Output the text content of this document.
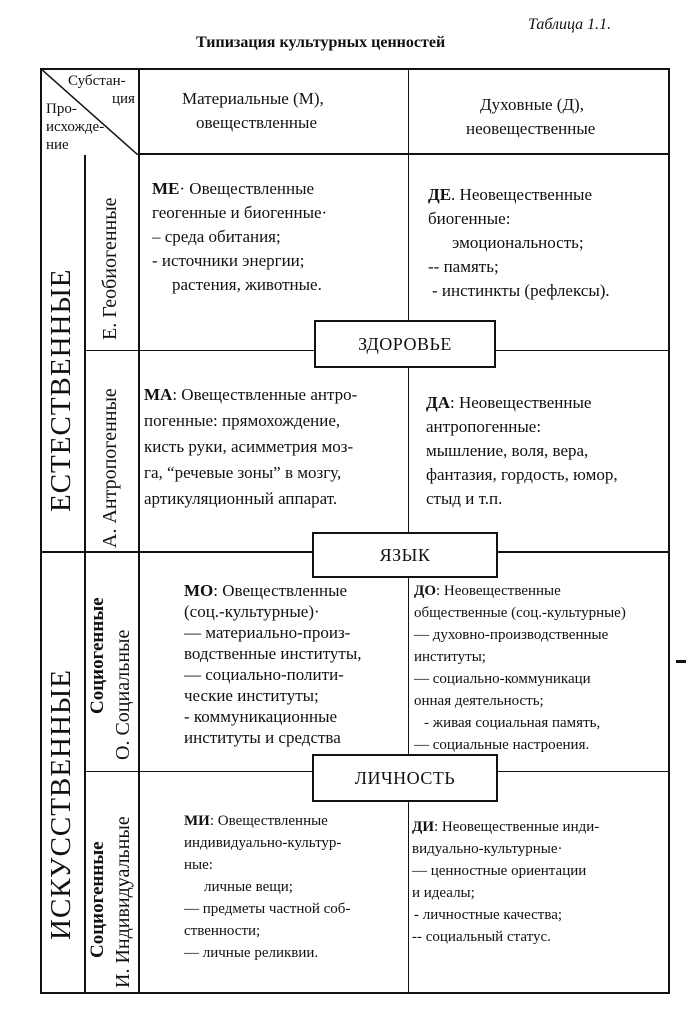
Таблица 1.1.
Типизация культурных ценностей
Субстан-
ция
Про-
исхожде-
ние
Материальные (М),
овеществленные
Духовные (Д),
неовещественные
ЕСТЕСТВЕННЫЕ
ИСКУССТВЕННЫЕ
Е. Геобиогенные
А. Антропогенные
Социогенные О. Социальные
Социогенные И. Индивидуальные
МЕ· Овеществленные
геогенные и биогенные·
– среда обитания;
- источники энергии;
растения, животные.
ДЕ. Неовещественные
биогенные:
эмоциональность;
-- память;
- инстинкты (рефлексы).
МА: Овеществленные антро-
погенные: прямохождение,
кисть руки, асимметрия моз-
га, “речевые зоны” в мозгу,
артикуляционный аппарат.
ДА: Неовещественные
антропогенные:
мышление, воля, вера,
фантазия, гордость, юмор,
стыд и т.п.
МО: Овеществленные
(соц.-культурные)·
— материально-произ-
водственные институты,
— социально-полити-
ческие институты;
- коммуникационные
институты и средства
ДО: Неовещественные
общественные (соц.-культурные)
— духовно-производственные
институты;
— социально-коммуникаци
онная деятельность;
- живая социальная память,
— социальные настроения.
МИ: Овеществленные
индивидуально-культур-
ные:
личные вещи;
— предметы частной соб-
ственности;
— личные реликвии.
ДИ: Неовещественные инди-
видуально-культурные·
— ценностные ориентации
и идеалы;
- личностные качества;
-- социальный статус.
ЗДОРОВЬЕ
ЯЗЫК
ЛИЧНОСТЬ
